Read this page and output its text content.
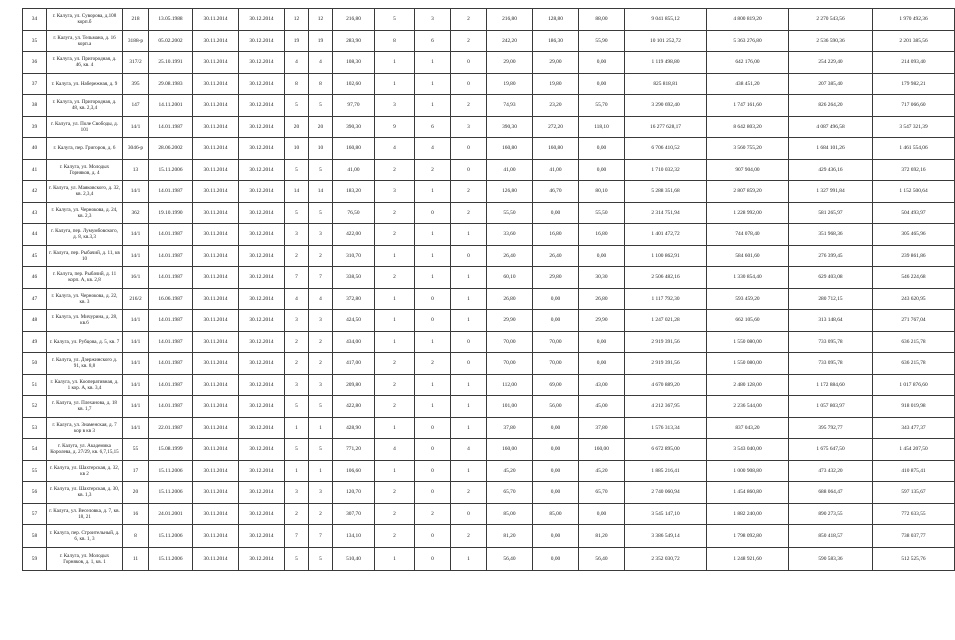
34	г. Калуга, ул. Суворова, д.108 корп.б	218	13.05.1988	30.11.2014	30.12.2014	12	12	216,80	5	3	2	216,80	128,80	88,00	9 041 855,12	4 800 819,20	2 270 543,56	1 970 492,36
35	г. Калуга, ул. Тельмана, д. 16 корп.а	3188-р	05.02.2002	30.11.2014	30.12.2014	19	19	283,90	8	6	2	242,20	186,30	55,90	10 101 252,72	5 363 276,80	2 536 590,36	2 201 385,56
36	г. Калуга, ул. Пригородная, д. 46, кв. 4	317/2	25.10.1991	30.11.2014	30.12.2014	4	4	108,30	1	1	0	29,00	29,00	0,00	1 119 498,80	642 176,00	254 229,40	214 093,40
37	г. Калуга, ул. Набережная, д. 9	395	29.08.1983	30.11.2014	30.12.2014	8	8	102,60	1	1	0	19,80	19,80	0,00	825 818,81	438 451,20	207 385,40	179 982,21
38	г. Калуга, ул. Пригородная, д. 48, кв. 2,3,4	147	14.11.2001	30.11.2014	30.12.2014	5	5	97,70	3	1	2	74,93	23,20	55,70	3 290 692,40	1 747 161,60	826 264,20	717 066,60
39	г. Калуга, ул. Поле Свободы, д. 101	14/1	14.01.1987	30.11.2014	30.12.2014	20	20	390,30	9	6	3	390,30	272,20	118,10	16 277 628,17	8 642 803,20	4 087 496,58	3 547 321,39
40	г. Калуга, пер. Григоров, д. 6	3046-р	28.06.2002	30.11.2014	30.12.2014	10	10	160,80	4	4	0	160,80	160,80	0,00	6 706 410,52	3 560 755,20	1 684 101,26	1 461 554,06
41	г. Калуга, ул. Молодых Горняков, д. 4	13	15.11.2006	30.11.2014	30.12.2014	5	5	41,00	2	2	0	41,00	41,00	0,00	1 710 032,32	907 904,00	429 436,16	372 692,16
42	г. Калуга, ул. Маяковского, д. 32, кв. 2,3,4	14/1	14.01.1987	30.11.2014	30.12.2014	14	14	183,20	3	1	2	126,80	46,70	80,10	5 288 351,68	2 807 859,20	1 327 991,84	1 152 500,64
43	г. Калуга, ул. Чернокова, д. 24, кв. 2,3	362	19.10.1990	30.11.2014	30.12.2014	5	5	76,50	2	0	2	55,50	0,00	55,50	2 314 751,94	1 228 992,00	581 265,97	504 493,97
44	г. Калуга, пер. Лумумбовского, д. 8, кв.3,3	14/1	14.01.1987	30.11.2014	30.12.2014	3	3	422,00	2	1	1	33,60	16,80	16,80	1 401 472,72	744 078,40	351 968,36	305 465,96
45	г. Калуга, пер. Рыбачий, д. 11, кв 10	14/1	14.01.1987	30.11.2014	30.12.2014	2	2	310,70	1	1	0	26,40	26,40	0,00	1 100 862,91	584 601,60	276 399,45	239 861,86
46	г. Калуга, пер. Рыбачий, д. 11 корп. А, кв. 2,8	16/1	14.01.1987	30.11.2014	30.12.2014	7	7	338,50	2	1	1	60,10	29,80	30,30	2 506 482,16	1 330 854,40	629 403,08	546 224,68
47	г. Калуга, ул. Чернокова, д. 22, кв. 3	216/2	16.06.1987	30.11.2014	30.12.2014	4	4	372,80	1	0	1	26,80	0,00	26,80	1 117 792,30	593 459,20	280 712,15	243 620,95
48	г. Калуга, ул. Мичурина, д. 28, кв.6	14/1	14.01.1987	30.11.2014	30.12.2014	3	3	424,50	1	0	1	29,90	0,00	29,90	1 247 021,28	662 105,60	313 148,64	271 767,04
49	г. Калуга, ул. Рубцова, д. 5, кв. 7	14/1	14.01.1987	30.11.2014	30.12.2014	2	2	434,00	1	1	0	70,00	70,00	0,00	2 919 391,56	1 550 080,00	733 095,78	636 215,78
50	г. Калуга, ул. Дзержинского д. 91, кв. 8,8	14/1	14.01.1987	30.11.2014	30.12.2014	2	2	417,00	2	2	0	70,00	70,00	0,00	2 919 391,56	1 550 080,00	733 095,78	636 215,78
51	г. Калуга, ул. Кооперативная, д. 1 кор. А, кв. 3,4	14/1	14.01.1987	30.11.2014	30.12.2014	3	3	209,80	2	1	1	112,00	69,00	43,00	4 670 889,20	2 480 128,00	1 172 884,60	1 017 876,60
52	г. Калуга, ул. Плеханова, д. 18 кв. 1,7	14/1	14.01.1987	30.11.2014	30.12.2014	5	5	422,80	2	1	1	101,00	56,00	45,00	4 212 367,95	2 236 544,00	1 057 803,97	918 019,98
53	г. Калуга, ул. Знаменская, д. 7 кор в кв 3	14/1	22.01.1987	30.11.2014	30.12.2014	1	1	428,90	1	0	1	37,80	0,00	37,80	1 576 313,34	837 043,20	395 792,77	343 477,37
54	г. Калуга, ул. Академика Королева, д. 27/29, кв. 6,7,15,15	55	15.08.1999	30.11.2014	30.12.2014	5	5	771,20	4	0	4	160,00	0,00	160,00	6 672 895,00	3 543 040,00	1 675 647,50	1 454 207,50
55	г. Калуга, ул. Шахтерская, д. 32, кв 2	17	15.11.2006	30.11.2014	30.12.2014	1	1	106,60	1	0	1	45,20	0,00	45,20	1 885 216,41	1 000 908,80	473 432,20	410 875,41
56	г. Калуга, ул. Шахтерская, д. 30, кв. 1,3	20	15.11.2006	30.11.2014	30.12.2014	3	3	120,70	2	0	2	65,70	0,00	65,70	2 740 060,94	1 454 860,80	688 064,47	597 135,67
57	г. Калуга, ул. Веселовка, д. 7, кв. 18, 21	16	24.01.2001	30.11.2014	30.12.2014	2	2	307,70	2	2	0	85,00	85,00	0,00	3 545 147,10	1 882 240,00	890 273,55	772 633,55
58	г. Калуга, пер. Строительный, д. 6, кв. 1, 3	8	15.11.2006	30.11.2014	30.12.2014	7	7	134,10	2	0	2	81,20	0,00	81,20	3 386 549,14	1 798 092,80	850 418,57	738 037,77
59	г. Калуга, ул. Молодых Горняков, д. 1, кв. 1	11	15.11.2006	30.11.2014	30.12.2014	5	5	510,40	1	0	1	56,40	0,00	56,40	2 352 030,72	1 248 921,60	590 583,36	512 525,76
